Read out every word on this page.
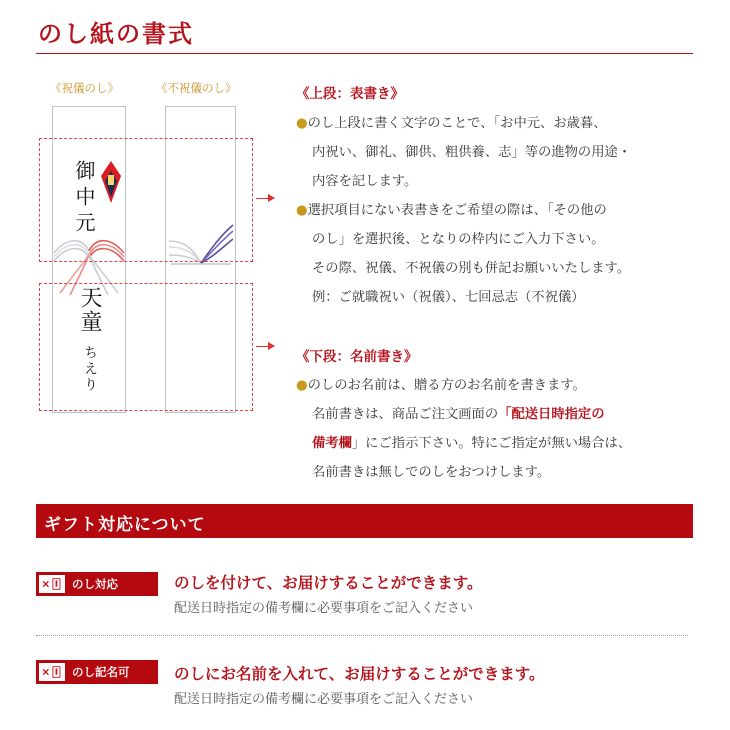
のし紙の書式
《祝儀のし》	《不祝儀のし》
御中元
天童
ちえり
《上段：表書き》
●のし上段に書く文字のことで、「お中元、お歳暮、
内祝い、御礼、御供、粗供養、志」等の進物の用途・
内容を記します。
●選択項目にない表書きをご希望の際は、「その他の
のし」を選択後、となりの枠内にご入力下さい。
その際、祝儀、不祝儀の別も併記お願いいたします。
例：ご就職祝い（祝儀）、七回忌志（不祝儀）
《下段：名前書き》
●のしのお名前は、贈る方のお名前を書きます。
名前書きは、商品ご注文画面の「配送日時指定の
備考欄」にご指示下さい。特にご指定が無い場合は、
名前書きは無しでのしをおつけします。
ギフト対応について
のし対応	のしを付けて、お届けすることができます。
配送日時指定の備考欄に必要事項をご記入ください
のし記名可	のしにお名前を入れて、お届けすることができます。
配送日時指定の備考欄に必要事項をご記入ください
